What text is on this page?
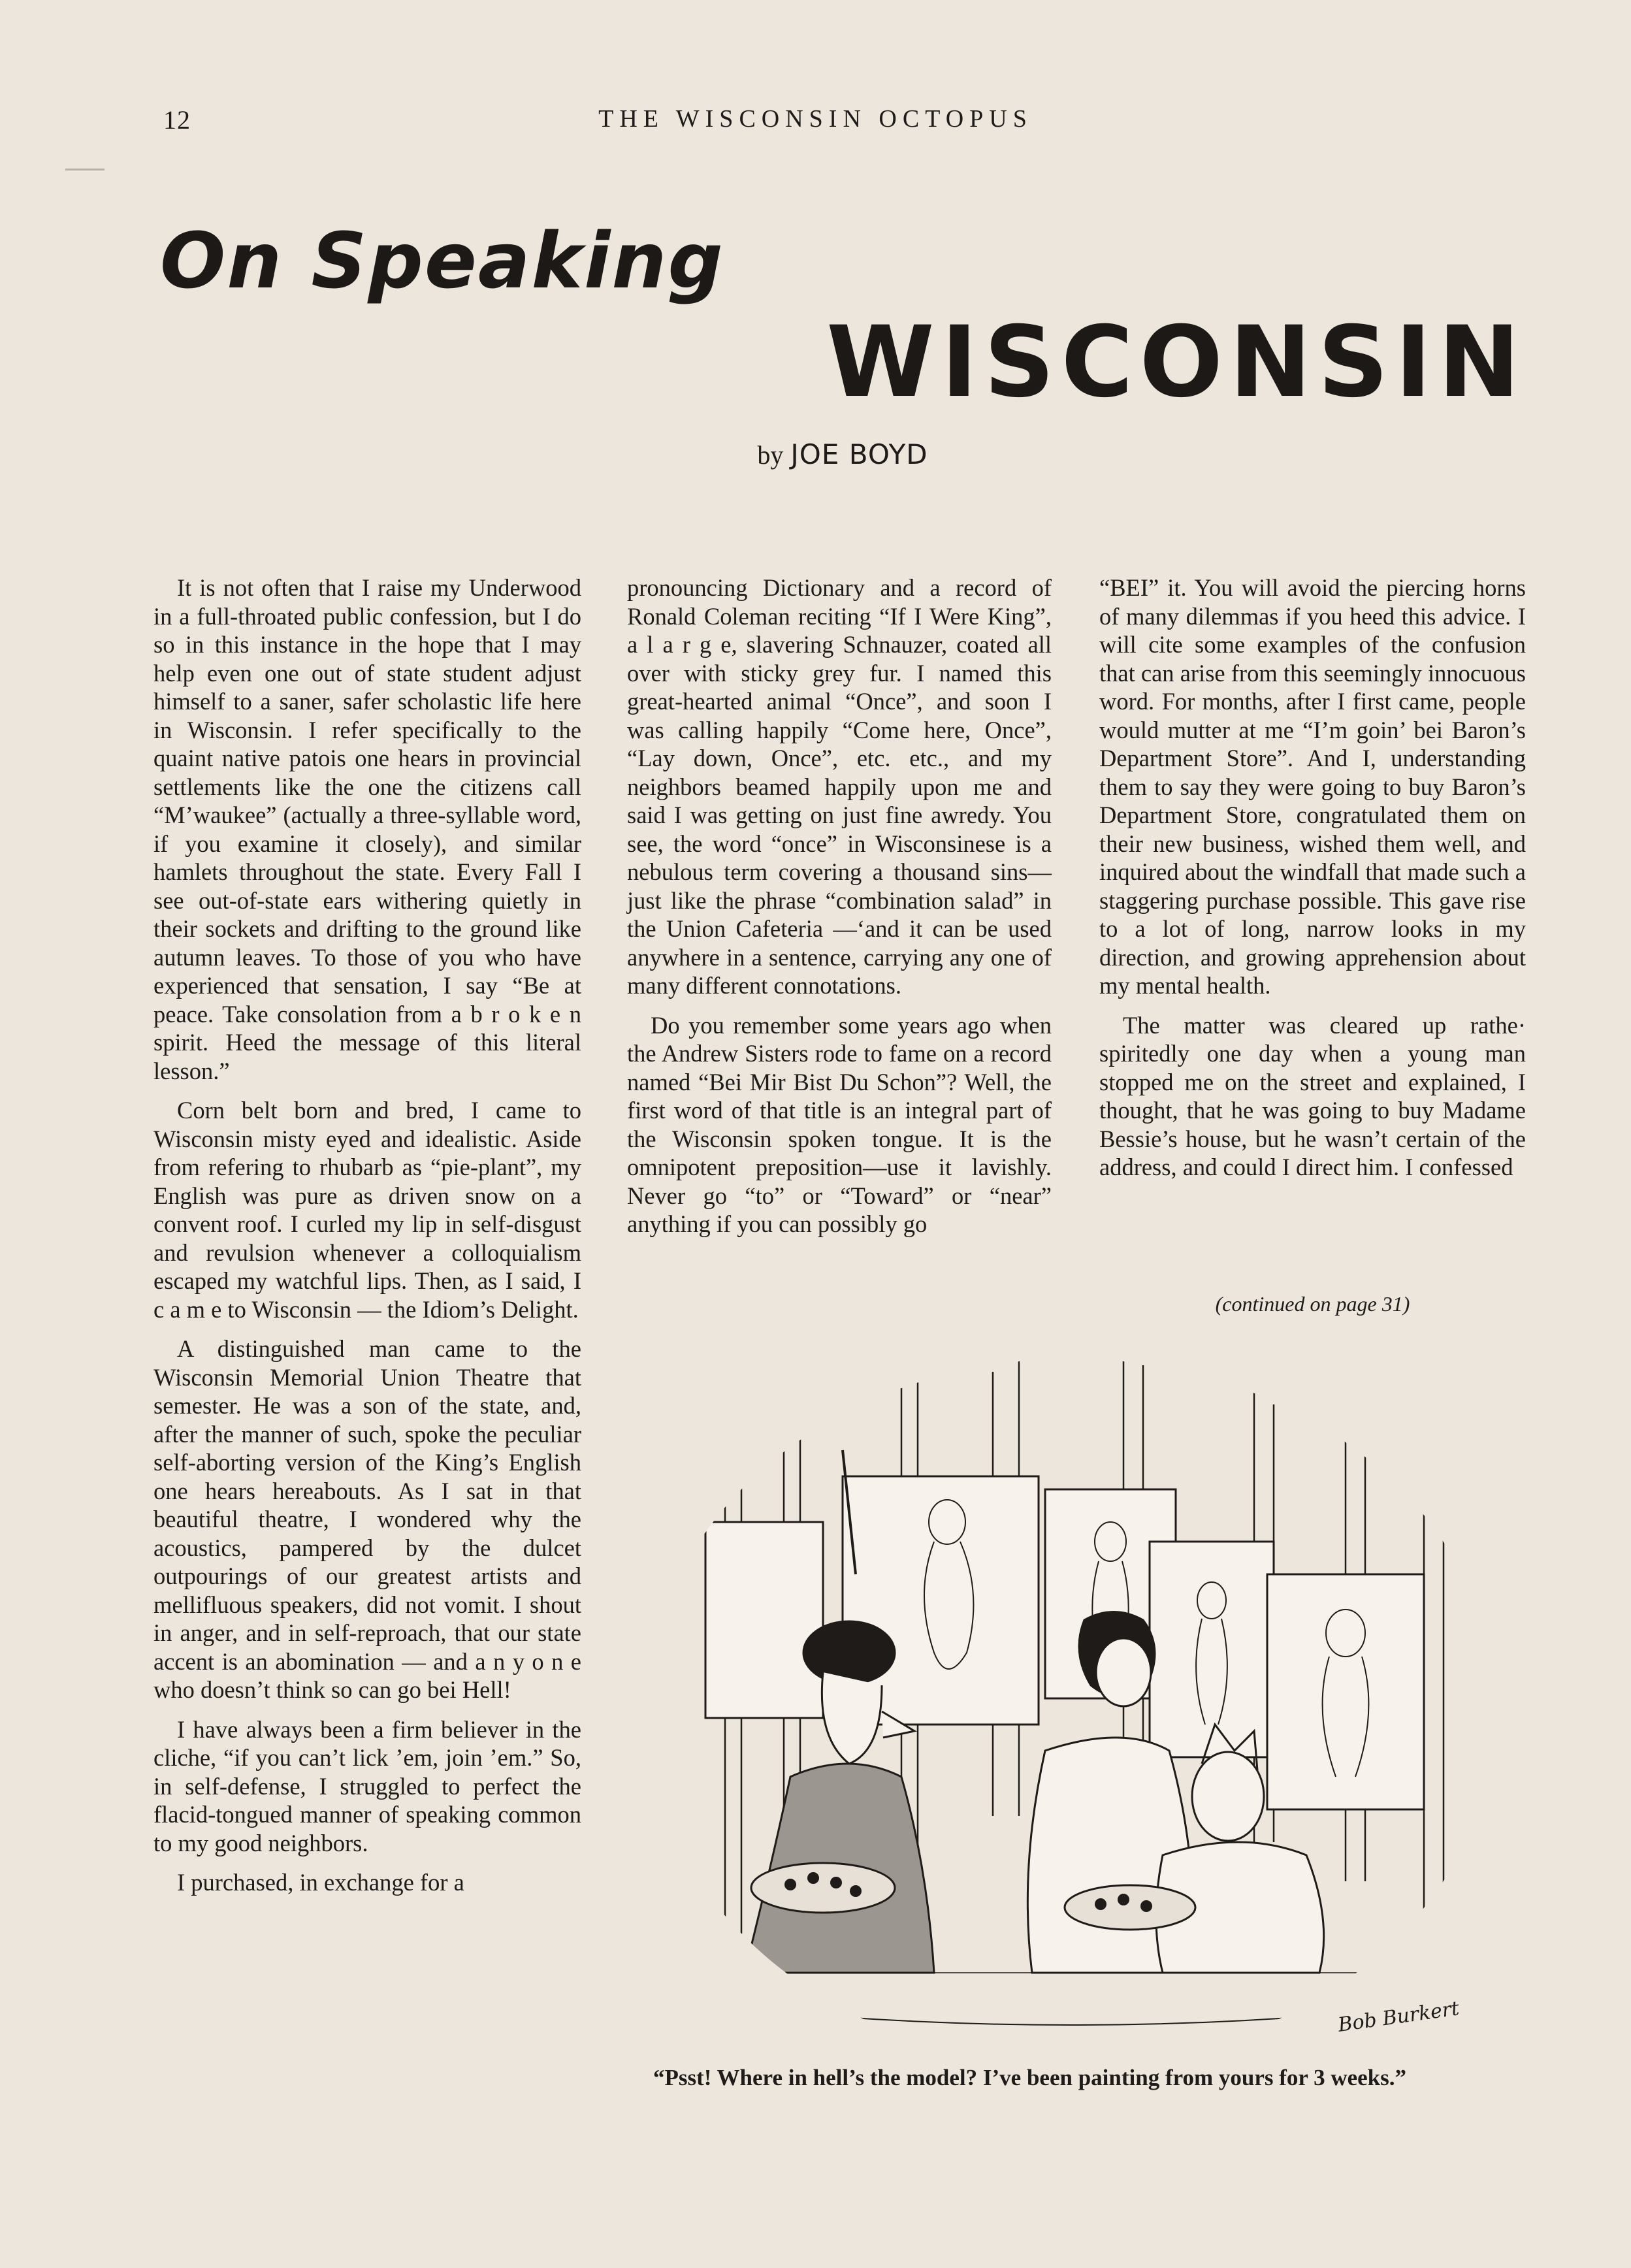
12	THE WISCONSIN OCTOPUS
On Speaking
WISCONSIN
by JOE BOYD

It is not often that I raise my Underwood in a full-throated public confession, but I do so in this instance in the hope that I may help even one out of state student adjust himself to a saner, safer scholastic life here in Wisconsin. I refer specifically to the quaint native patois one hears in provincial settlements like the one the citizens call “M’waukee” (actually a three-syllable word, if you examine it closely), and similar hamlets throughout the state. Every Fall I see out-of-state ears withering quietly in their sockets and drifting to the ground like autumn leaves. To those of you who have experienced that sensation, I say “Be at peace. Take consolation from a b r o k e n spirit. Heed the message of this literal lesson.”

Corn belt born and bred, I came to Wisconsin misty eyed and idealistic. Aside from refering to rhubarb as “pie-plant”, my English was pure as driven snow on a convent roof. I curled my lip in self-disgust and revulsion whenever a colloquialism escaped my watchful lips. Then, as I said, I c a m e to Wisconsin — the Idiom’s Delight.

A distinguished man came to the Wisconsin Memorial Union Theatre that semester. He was a son of the state, and, after the manner of such, spoke the peculiar self-aborting version of the King’s English one hears hereabouts. As I sat in that beautiful theatre, I wondered why the acoustics, pampered by the dulcet outpourings of our greatest artists and mellifluous speakers, did not vomit. I shout in anger, and in self-reproach, that our state accent is an abomination — and a n y o n e who doesn’t think so can go bei Hell!

I have always been a firm believer in the cliche, “if you can’t lick ’em, join ’em.” So, in self-defense, I struggled to perfect the flacid-tongued manner of speaking common to my good neighbors.

I purchased, in exchange for a

pronouncing Dictionary and a record of Ronald Coleman reciting “If I Were King”, a l a r g e, slavering Schnauzer, coated all over with sticky grey fur. I named this great-hearted animal “Once”, and soon I was calling happily “Come here, Once”, “Lay down, Once”, etc. etc., and my neighbors beamed happily upon me and said I was getting on just fine awredy. You see, the word “once” in Wisconsinese is a nebulous term covering a thousand sins—just like the phrase “combination salad” in the Union Cafeteria —‘and it can be used anywhere in a sentence, carrying any one of many different connotations.

Do you remember some years ago when the Andrew Sisters rode to fame on a record named “Bei Mir Bist Du Schon”? Well, the first word of that title is an integral part of the Wisconsin spoken tongue. It is the omnipotent preposition—use it lavishly. Never go “to” or “Toward” or “near” anything if you can possibly go

“BEI” it. You will avoid the piercing horns of many dilemmas if you heed this advice. I will cite some examples of the confusion that can arise from this seemingly innocuous word. For months, after I first came, people would mutter at me “I’m goin’ bei Baron’s Department Store”. And I, understanding them to say they were going to buy Baron’s Department Store, congratulated them on their new business, wished them well, and inquired about the windfall that made such a staggering purchase possible. This gave rise to a lot of long, narrow looks in my direction, and growing apprehension about my mental health.

The matter was cleared up rathe· spiritedly one day when a young man stopped me on the street and explained, I thought, that he was going to buy Madame Bessie’s house, but he wasn’t certain of the address, and could I direct him. I confessed

(continued on page 31)
Bob Burkert
“Psst! Where in hell’s the model? I’ve been painting from yours for 3 weeks.”
